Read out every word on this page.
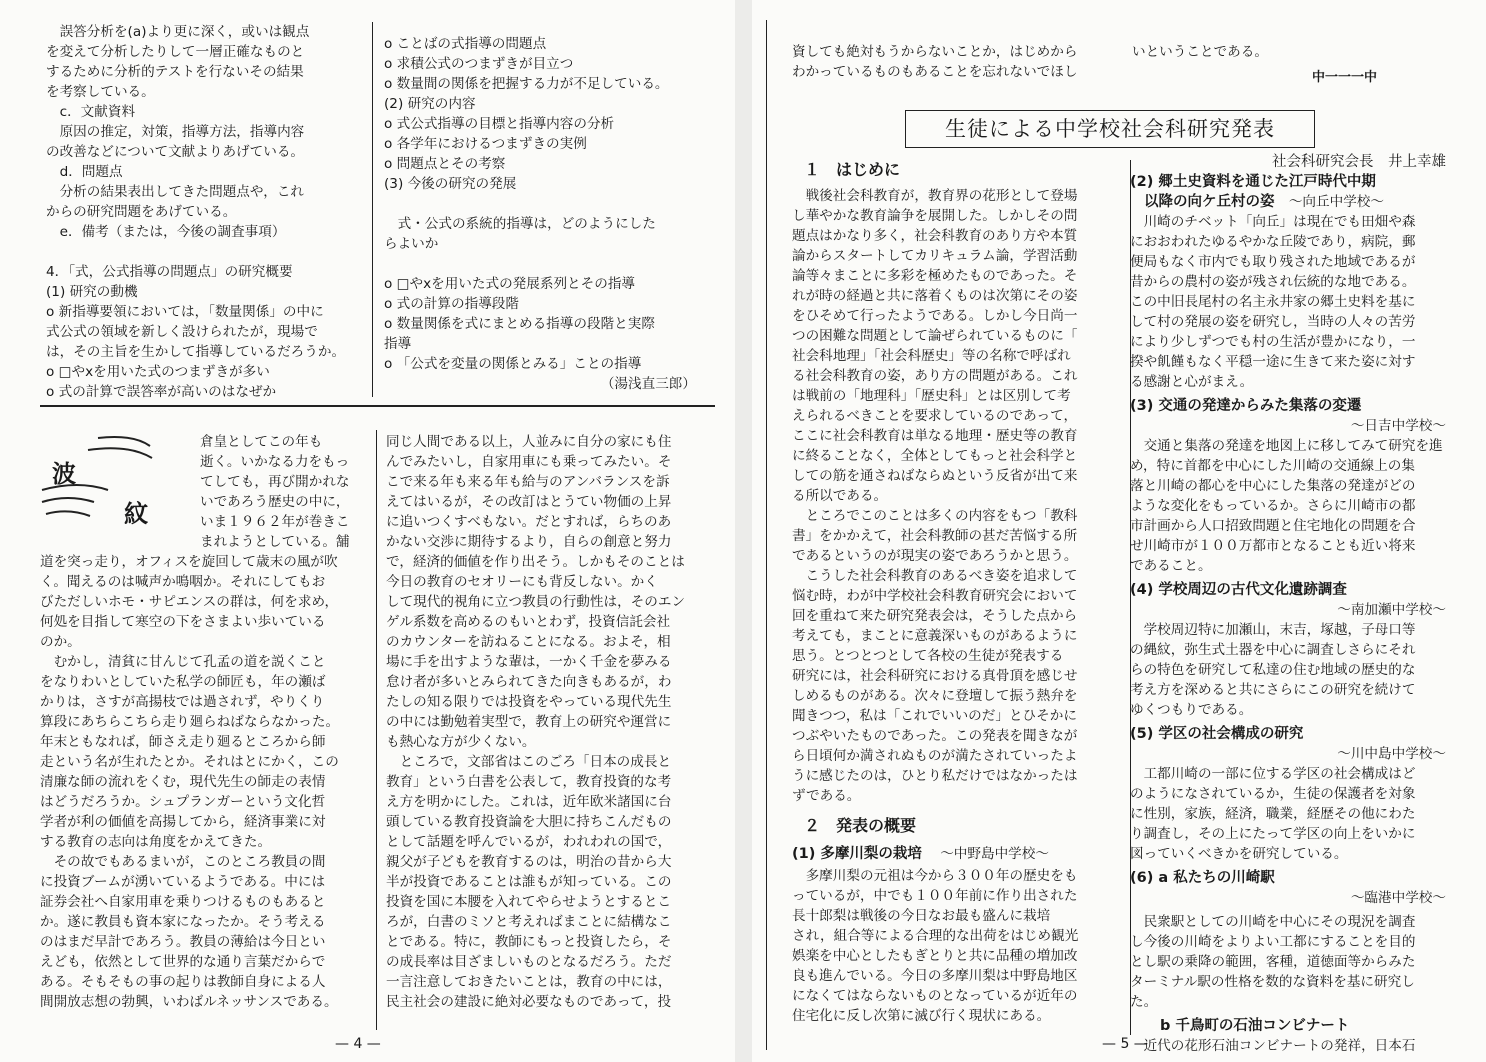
誤答分析を(a)より更に深く，或いは観点

を変えて分析したりして一層正確なものと

するために分析的テストを行ないその結果

を考察している。

c．文献資料

原因の推定，対策，指導方法，指導内容

の改善などについて文献よりあげている。

d．問題点

分析の結果表出してきた問題点や，これ

からの研究問題をあげている。

e．備考（または，今後の調査事項）

4．「式，公式指導の問題点」の研究概要

(1) 研究の動機

o 新指導要領においては，「数量関係」の中に

式公式の領域を新しく設けられたが，現場で

は，その主旨を生かして指導しているだろうか。

o □やxを用いた式のつまずきが多い

o 式の計算で誤答率が高いのはなぜか

o ことばの式指導の問題点

o 求積公式のつまずきが目立つ

o 数量間の関係を把握する力が不足している。

(2) 研究の内容

o 式公式指導の目標と指導内容の分析

o 各学年におけるつまずきの実例

o 問題点とその考察

(3) 今後の研究の発展

式・公式の系統的指導は，どのようにした

らよいか

o □やxを用いた式の発展系列とその指導

o 式の計算の指導段階

o 数量関係を式にまとめる指導の段階と実際

指導

o 「公式を変量の関係とみる」ことの指導

（湯浅直三郎）

波
紋

倉皇としてこの年も

逝く。いかなる力をもっ

てしても，再び開かれな

いであろう歴史の中に，

いま１９６２年が巻きこ

まれようとしている。舗

道を突っ走り，オフィスを旋回して歳末の風が吹

く。聞えるのは喊声か鳴咽か。それにしてもお

びただしいホモ・サピエンスの群は，何を求め，

何処を目指して寒空の下をさまよい歩いている

のか。

むかし，清貧に甘んじて孔孟の道を説くこと

をなりわいとしていた私学の師匠も，年の瀬ば

かりは，さすが高揚枝では過されず，やりくり

算段にあちらこちら走り廻らねばならなかった。

年末ともなれば，師さえ走り廻るところから師

走という名が生れたとか。それはとにかく，この

清廉な師の流れをくむ，現代先生の師走の表情

はどうだろうか。シュプランガーという文化哲

学者が利の価値を高揚してから，経済事業に対

する教育の志向は角度をかえてきた。

その故でもあるまいが，このところ教員の間

に投資ブームが湧いているようである。中には

証券会社へ自家用車を乗りつけるものもあると

か。遂に教員も資本家になったか。そう考える

のはまだ早計であろう。教員の薄給は今日とい

えども，依然として世界的な通り言葉だからで

ある。そもそもの事の起りは教師自身による人

間開放志想の勃興，いわばルネッサンスである。

同じ人間である以上，人並みに自分の家にも住

んでみたいし，自家用車にも乗ってみたい。そ

こで来る年も来る年も給与のアンバランスを訴

えてはいるが，その改訂はとうてい物価の上昇

に追いつくすべもない。だとすれば，らちのあ

かない交渉に期待するより，自らの創意と努力

で，経済的価値を作り出そう。しかもそのことは

今日の教育のセオリーにも背反しない。かく

して現代的視角に立つ教員の行動性は，そのエン

ゲル系数を高めるのもいとわず，投資信託会社

のカウンターを訪ねることになる。およそ，相

場に手を出すような輩は，一かく千金を夢みる

怠け者が多いとみられてきた向きもあるが，わ

たしの知る限りでは投資をやっている現代先生

の中には勤勉着実型で，教育上の研究や運営に

も熱心な方が少くない。

ところで，文部省はこのごろ「日本の成長と

教育」という白書を公表して，教育投資的な考

え方を明かにした。これは，近年欧米諸国に台

頭している教育投資論を大胆に持ちこんだもの

として話題を呼んでいるが，われわれの国で，

親父が子どもを教育するのは，明治の昔から大

半が投資であることは誰もが知っている。この

投資を国に本腰を入れてやらせようとするとこ

ろが，白書のミソと考えればまことに結構なこ

とである。特に，教師にもっと投資したら，そ

の成長率は目ざましいものとなるだろう。ただ

一言注意しておきたいことは，教育の中には，

民主社会の建設に絶対必要なものであって，投

— 4 —

資しても絶対もうからないことか，はじめから

わかっているものもあることを忘れないでほし

いということである。

中一一一中
生徒による中学校社会科研究発表

１　はじめに

戦後社会科教育が，教育界の花形として登場

し華やかな教育論争を展開した。しかしその問

題点はかなり多く，社会科教育のあり方や本質

論からスタートしてカリキュラム論，学習活動

論等々まことに多彩を極めたものであった。そ

れが時の経過と共に落着くものは次第にその姿

をひそめて行ったようである。しかし今日尚一

つの困難な問題として論ぜられているものに「

社会科地理」「社会科歴史」等の名称で呼ばれ

る社会科教育の姿，あり方の問題がある。これ

は戦前の「地理科」「歴史科」とは区別して考

えられるべきことを要求しているのであって，

ここに社会科教育は単なる地理・歴史等の教育

に終ることなく，全体としてもっと社会科学と

しての筋を通さねばならぬという反省が出て来

る所以である。

ところでこのことは多くの内容をもつ「教科

書」をかかえて，社会科教師の甚だ苦悩する所

であるというのが現実の姿であろうかと思う。

こうした社会科教育のあるべき姿を追求して

悩む時，わが中学校社会科教育研究会において

回を重ねて来た研究発表会は，そうした点から

考えても，まことに意義深いものがあるように

思う。とつとつとして各校の生徒が発表する

研究には，社会科研究における真骨頂を感じせ

しめるものがある。次々に登壇して振う熱弁を

聞きつつ，私は「これでいいのだ」とひそかに

つぶやいたものであった。この発表を聞きなが

ら日頃何か満されぬものが満たされていったよ

うに感じたのは，ひとり私だけではなかったは

ずである。

２　発表の概要

(1) 多摩川梨の栽培 〜中野島中学校〜

多摩川梨の元祖は今から３００年の歴史をも

っているが，中でも１００年前に作り出された

長十郎梨は戦後の今日なお最も盛んに栽培

され，組合等による合理的な出荷をはじめ観光

娯楽を中心としたもぎとりと共に品種の増加改

良も進んでいる。今日の多摩川梨は中野島地区

になくてはならないものとなっているが近年の

住宅化に反し次第に滅び行く現状にある。

社会科研究会長　井上幸雄

(2) 郷土史資料を通じた江戸時代中期

以降の向ケ丘村の姿 〜向丘中学校〜

川崎のチベット「向丘」は現在でも田畑や森

におおわれたゆるやかな丘陵であり，病院，郵

便局もなく市内でも取り残された地域であるが

昔からの農村の姿が残され伝統的な地である。

この中旧長尾村の名主永井家の郷土史料を基に

して村の発展の姿を研究し，当時の人々の苦労

により少しずつでも村の生活が豊かになり，一

揆や飢饉もなく平穏一途に生きて来た姿に対す

る感謝と心がまえ。

(3) 交通の発達からみた集落の変遷

〜日吉中学校〜

交通と集落の発達を地図上に移してみて研究を進

め，特に首都を中心にした川崎の交通線上の集

落と川崎の都心を中心にした集落の発達がどの

ような変化をもっているか。さらに川崎市の都

市計画から人口招致問題と住宅地化の問題を合

せ川崎市が１００万都市となることも近い将来

であること。

(4) 学校周辺の古代文化遺跡調査

〜南加瀬中学校〜

学校周辺特に加瀬山，末吉，塚越，子母口等

の縄紋，弥生式土器を中心に調査しさらにそれ

らの特色を研究して私達の住む地域の歴史的な

考え方を深めると共にさらにこの研究を続けて

ゆくつもりである。

(5) 学区の社会構成の研究

〜川中島中学校〜

工都川崎の一部に位する学区の社会構成はど

のようになされているか，生徒の保護者を対象

に性別，家族，経済，職業，経歴その他にわた

り調査し，その上にたって学区の向上をいかに

図っていくべきかを研究している。

(6) a 私たちの川崎駅

〜臨港中学校〜

民衆駅としての川崎を中心にその現況を調査

し今後の川崎をよりよい工都にすることを目的

とし駅の乗降の範囲，客種，道徳面等からみた

ターミナル駅の性格を数的な資料を基に研究し

た。

b 千鳥町の石油コンビナート

近代の花形石油コンビナートの発祥，日本石

— 5 —
